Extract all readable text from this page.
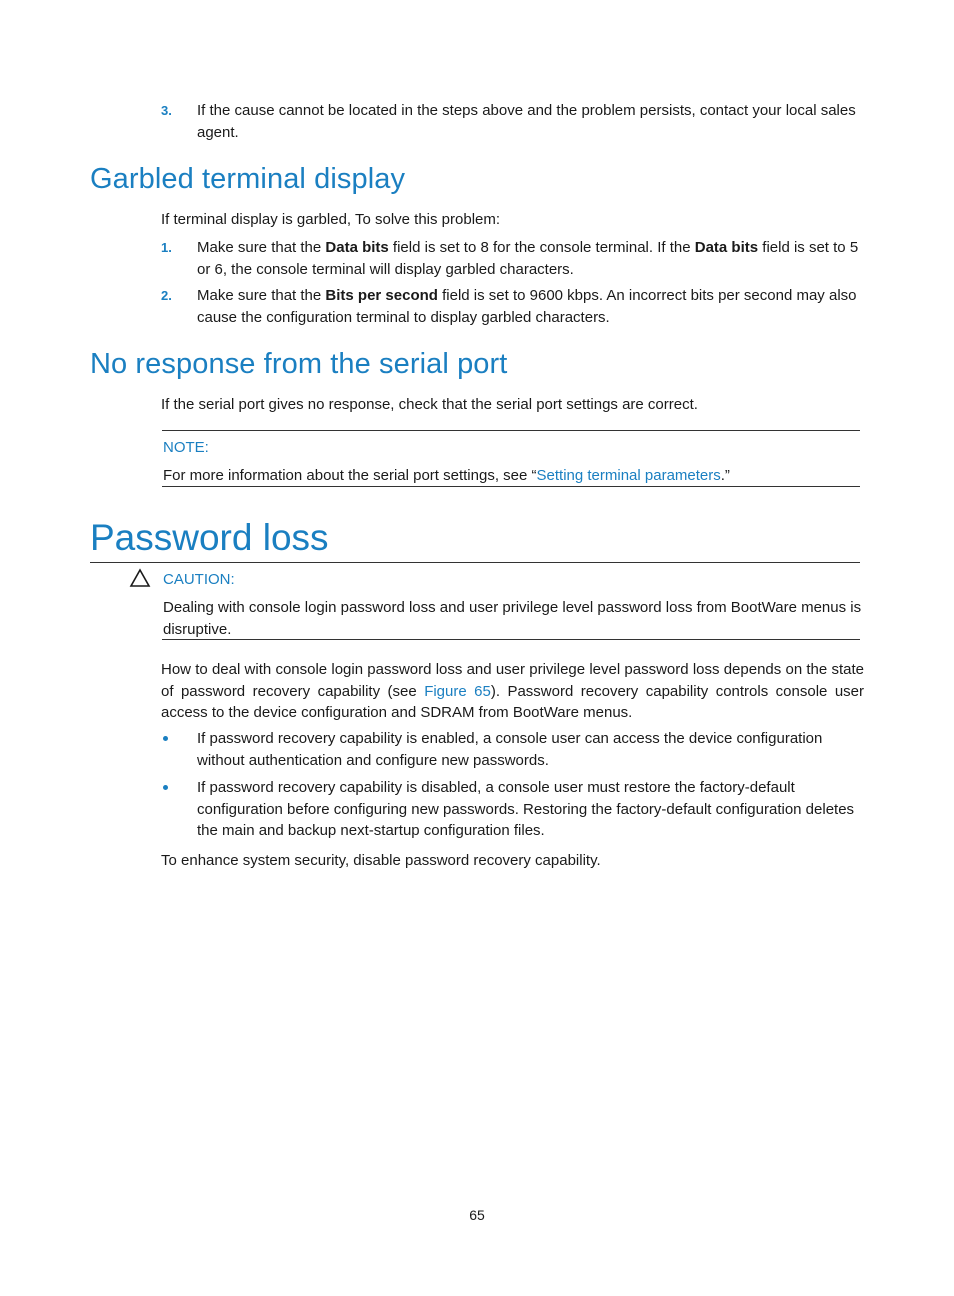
3. If the cause cannot be located in the steps above and the problem persists, contact your local sales agent.
Garbled terminal display
If terminal display is garbled, To solve this problem:
1. Make sure that the Data bits field is set to 8 for the console terminal. If the Data bits field is set to 5 or 6, the console terminal will display garbled characters.
2. Make sure that the Bits per second field is set to 9600 kbps. An incorrect bits per second may also cause the configuration terminal to display garbled characters.
No response from the serial port
If the serial port gives no response, check that the serial port settings are correct.
NOTE:
For more information about the serial port settings, see “Setting terminal parameters.”
Password loss
CAUTION:
Dealing with console login password loss and user privilege level password loss from BootWare menus is disruptive.
How to deal with console login password loss and user privilege level password loss depends on the state of password recovery capability (see Figure 65). Password recovery capability controls console user access to the device configuration and SDRAM from BootWare menus.
If password recovery capability is enabled, a console user can access the device configuration without authentication and configure new passwords.
If password recovery capability is disabled, a console user must restore the factory-default configuration before configuring new passwords. Restoring the factory-default configuration deletes the main and backup next-startup configuration files.
To enhance system security, disable password recovery capability.
65
